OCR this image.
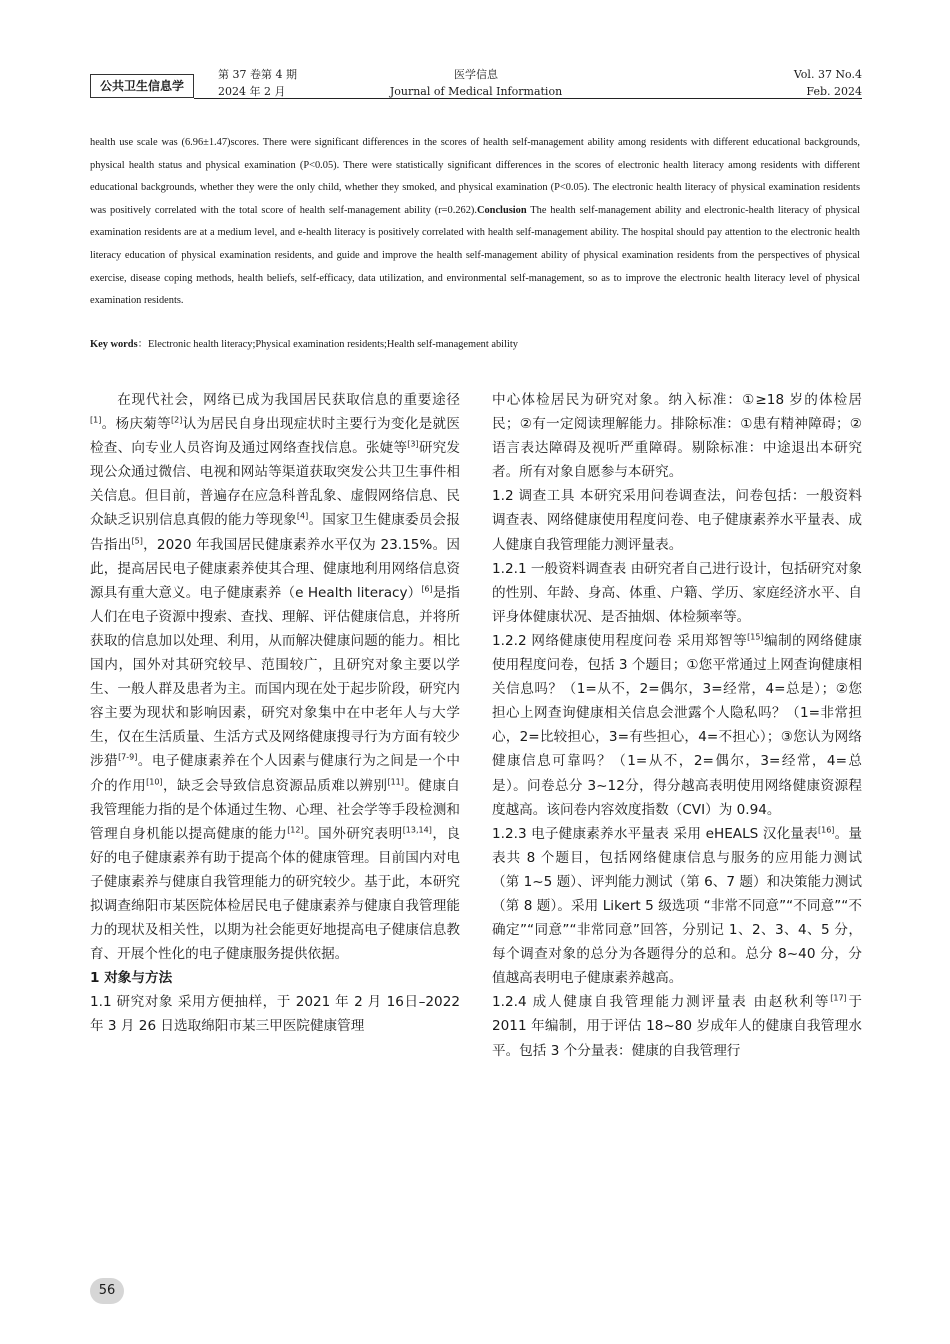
公共卫生信息学
第 37 卷第 4 期
2024 年 2 月
医学信息
Journal of Medical Information
Vol. 37 No.4
Feb. 2024
health use scale was (6.96±1.47)scores. There were significant differences in the scores of health self-management ability among residents with different educational backgrounds, physical health status and physical examination (P<0.05). There were statistically significant differences in the scores of electronic health literacy among residents with different educational backgrounds, whether they were the only child, whether they smoked, and physical examination (P<0.05). The electronic health literacy of physical examination residents was positively correlated with the total score of health self-management ability (r=0.262).Conclusion The health self-management ability and electronic-health literacy of physical examination residents are at a medium level, and e-health literacy is positively correlated with health self-management ability. The hospital should pay attention to the electronic health literacy education of physical examination residents, and guide and improve the health self-management ability of physical examination residents from the perspectives of physical exercise, disease coping methods, health beliefs, self-efficacy, data utilization, and environmental self-management, so as to improve the electronic health literacy level of physical examination residents.
Key words：Electronic health literacy;Physical examination residents;Health self-management ability

在现代社会，网络已成为我国居民获取信息的重要途径[1]。杨庆菊等[2]认为居民自身出现症状时主要行为变化是就医检查、向专业人员咨询及通过网络查找信息。张婕等[3]研究发现公众通过微信、电视和网站等渠道获取突发公共卫生事件相关信息。但目前，普遍存在应急科普乱象、虚假网络信息、民众缺乏识别信息真假的能力等现象[4]。国家卫生健康委员会报告指出[5]，2020 年我国居民健康素养水平仅为 23.15%。因此，提高居民电子健康素养使其合理、健康地利用网络信息资源具有重大意义。电子健康素养（e Health literacy）[6]是指人们在电子资源中搜索、查找、理解、评估健康信息，并将所获取的信息加以处理、利用，从而解决健康问题的能力。相比国内，国外对其研究较早、范围较广，且研究对象主要以学生、一般人群及患者为主。而国内现在处于起步阶段，研究内容主要为现状和影响因素，研究对象集中在中老年人与大学生，仅在生活质量、生活方式及网络健康搜寻行为方面有较少涉猎[7-9]。电子健康素养在个人因素与健康行为之间是一个中介的作用[10]，缺乏会导致信息资源品质难以辨别[11]。健康自我管理能力指的是个体通过生物、心理、社会学等手段检测和管理自身机能以提高健康的能力[12]。国外研究表明[13,14]，良好的电子健康素养有助于提高个体的健康管理。目前国内对电子健康素养与健康自我管理能力的研究较少。基于此，本研究拟调查绵阳市某医院体检居民电子健康素养与健康自我管理能力的现状及相关性，以期为社会能更好地提高电子健康信息教育、开展个性化的电子健康服务提供依据。

1 对象与方法

1.1 研究对象 采用方便抽样，于 2021 年 2 月 16日–2022 年 3 月 26 日选取绵阳市某三甲医院健康管理

中心体检居民为研究对象。纳入标准：①≥18 岁的体检居民；②有一定阅读理解能力。排除标准：①患有精神障碍；②语言表达障碍及视听严重障碍。剔除标准：中途退出本研究者。所有对象自愿参与本研究。

1.2 调查工具 本研究采用问卷调查法，问卷包括：一般资料调查表、网络健康使用程度问卷、电子健康素养水平量表、成人健康自我管理能力测评量表。

1.2.1 一般资料调查表 由研究者自己进行设计，包括研究对象的性别、年龄、身高、体重、户籍、学历、家庭经济水平、自评身体健康状况、是否抽烟、体检频率等。

1.2.2 网络健康使用程度问卷 采用郑智等[15]编制的网络健康使用程度问卷，包括 3 个题目；①您平常通过上网查询健康相关信息吗？（1=从不，2=偶尔，3=经常，4=总是）；②您担心上网查询健康相关信息会泄露个人隐私吗？（1=非常担心，2=比较担心，3=有些担心，4=不担心）；③您认为网络健康信息可靠吗？（1=从不，2=偶尔，3=经常，4=总是）。问卷总分 3~12分，得分越高表明使用网络健康资源程度越高。该问卷内容效度指数（CVI）为 0.94。

1.2.3 电子健康素养水平量表 采用 eHEALS 汉化量表[16]。量表共 8 个题目，包括网络健康信息与服务的应用能力测试（第 1~5 题）、评判能力测试（第 6、7 题）和决策能力测试（第 8 题）。采用 Likert 5 级选项 “非常不同意”“不同意”“不确定”“同意”“非常同意”回答，分别记 1、2、3、4、5 分，每个调查对象的总分为各题得分的总和。总分 8~40 分，分值越高表明电子健康素养越高。

1.2.4 成人健康自我管理能力测评量表 由赵秋利等[17]于 2011 年编制，用于评估 18~80 岁成年人的健康自我管理水平。包括 3 个分量表：健康的自我管理行

56
